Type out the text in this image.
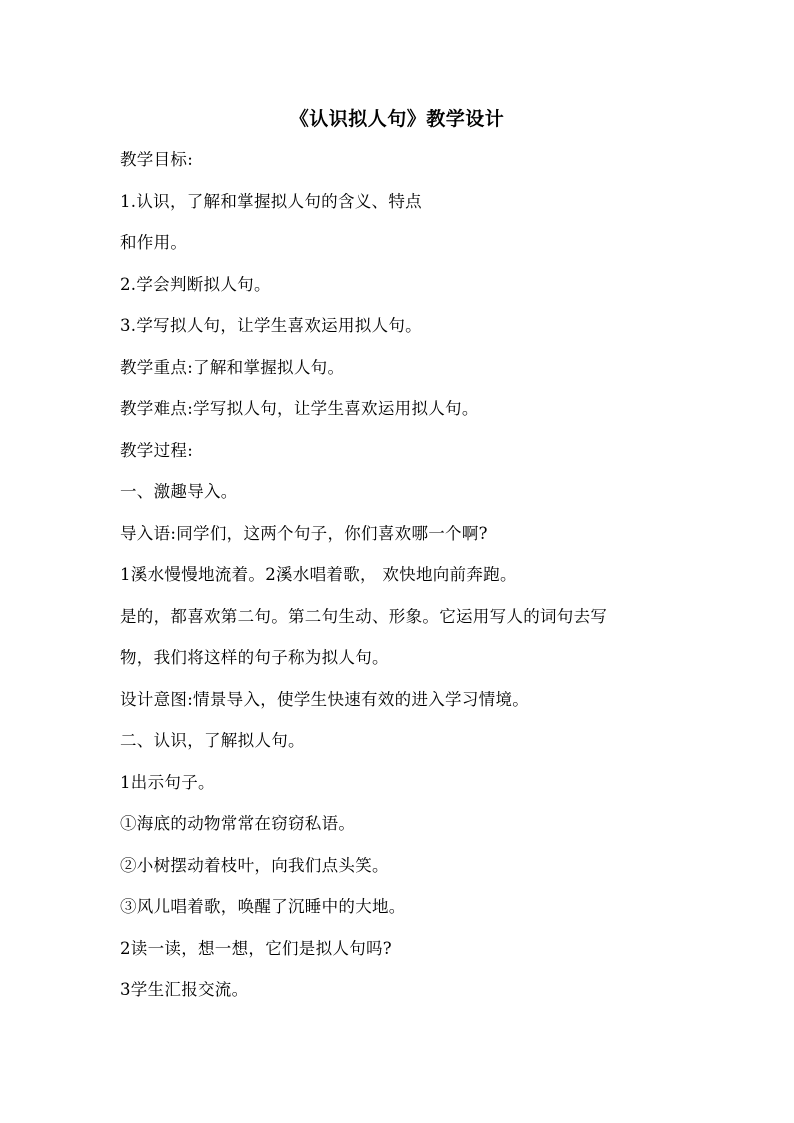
《认识拟人句》教学设计
教学目标:
1.认识，了解和掌握拟人句的含义、特点
和作用。
2.学会判断拟人句。
3.学写拟人句，让学生喜欢运用拟人句。
教学重点:了解和掌握拟人句。
教学难点:学写拟人句，让学生喜欢运用拟人句。
教学过程:
一、激趣导入。
导入语:同学们，这两个句子，你们喜欢哪一个啊?
1溪水慢慢地流着。2溪水唱着歌， 欢快地向前奔跑。
是的，都喜欢第二句。第二句生动、形象。它运用写人的词句去写
物，我们将这样的句子称为拟人句。
设计意图:情景导入，使学生快速有效的进入学习情境。
二、认识，了解拟人句。
1出示句子。
①海底的动物常常在窃窃私语。
②小树摆动着枝叶，向我们点头笑。
③风儿唱着歌，唤醒了沉睡中的大地。
2读一读，想一想，它们是拟人句吗?
3学生汇报交流。
